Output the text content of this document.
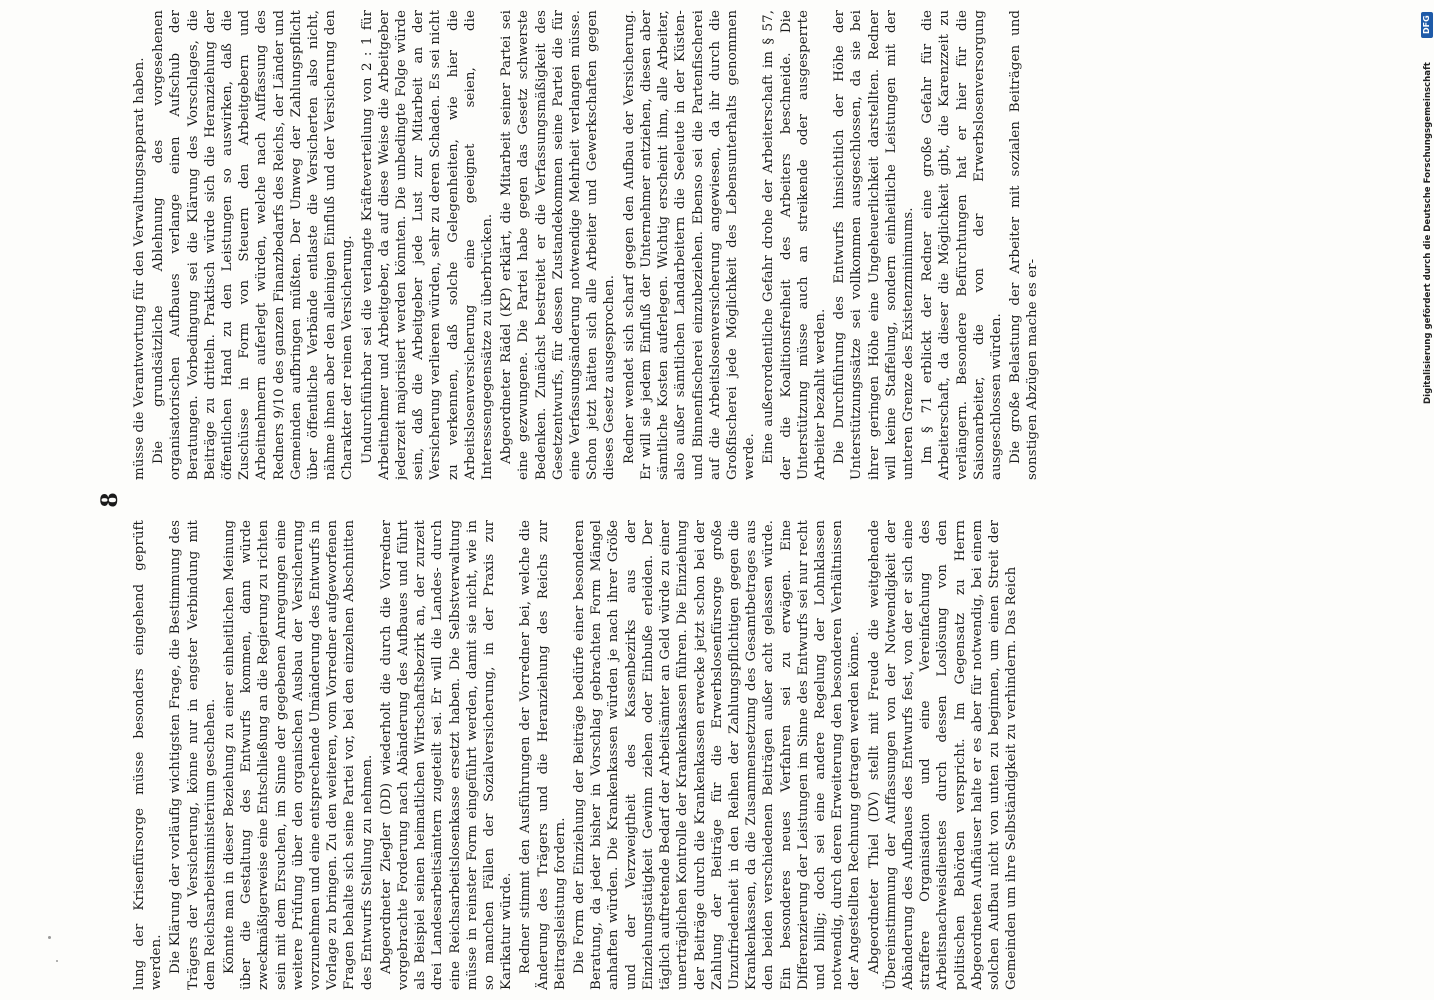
8

lung der Krisenfürsorge müsse besonders eingehend geprüft werden. Die Klärung der vorläufig wichtigsten Frage, die Bestimmung des Trägers der Versicherung, könne nur in engster Verbindung mit dem Reichsarbeitsministerium geschehen. Könnte man in dieser Beziehung zu einer einheitlichen Meinung über die Gestaltung des Entwurfs kommen, dann würde zweckmäßigerweise eine Entschließung an die Regierung zu richten sein mit dem Ersuchen, im Sinne der gegebenen Anregungen eine weitere Prüfung über den organischen Ausbau der Versicherung vorzunehmen und eine entsprechende Umänderung des Entwurfs in Vorlage zu bringen. Zu den weiteren, vom Vorredner aufgeworfenen Fragen behalte sich seine Partei vor, bei den einzelnen Abschnitten des Entwurfs Stellung zu nehmen. Abgeordneter Ziegler (DD) wiederholt die durch die Vorredner vorgebrachte Forderung nach Abänderung des Aufbaues und führt als Beispiel seinen heimatlichen Wirtschaftsbezirk an, der zurzeit drei Landesarbeitsämtern zugeteilt sei. Er will die Landes- durch eine Reichsarbeitslosenkasse ersetzt haben. Die Selbstverwaltung müsse in reinster Form eingeführt werden, damit sie nicht, wie in so manchen Fällen der Sozialversicherung, in der Praxis zur Karikatur würde. Redner stimmt den Ausführungen der Vorredner bei, welche die Änderung des Trägers und die Heranziehung des Reichs zur Beitragsleistung fordern. Die Form der Einziehung der Beiträge bedürfe einer besonderen Beratung, da jeder bisher in Vorschlag gebrachten Form Mängel anhaften würden. Die Krankenkassen würden je nach ihrer Größe und der Verzweigtheit des Kassenbezirks aus der Einziehungstätigkeit Gewinn ziehen oder Einbuße erleiden. Der täglich auftretende Bedarf der Arbeitsämter an Geld würde zu einer unerträglichen Kontrolle der Krankenkassen führen. Die Einziehung der Beiträge durch die Krankenkassen erwecke jetzt schon bei der Zahlung der Beiträge für die Erwerbslosenfürsorge große Unzufriedenheit in den Reihen der Zahlungspflichtigen gegen die Krankenkassen, da die Zusammensetzung des Gesamtbetrages aus den beiden verschiedenen Beiträgen außer acht gelassen würde. Ein besonderes neues Verfahren sei zu erwägen. Eine Differenzierung der Leistungen im Sinne des Entwurfs sei nur recht und billig; doch sei eine andere Regelung der Lohnklassen notwendig, durch deren Erweiterung den besonderen Verhältnissen der Angestellten Rechnung getragen werden könne. Abgeordneter Thiel (DV) stellt mit Freude die weitgehende Übereinstimmung der Auffassungen von der Notwendigkeit der Abänderung des Aufbaues des Entwurfs fest, von der er sich eine straffere Organisation und eine Vereinfachung des Arbeitsnachweisdienstes durch dessen Loslösung von den politischen Behörden verspricht. Im Gegensatz zu Herrn Abgeordneten Aufhäuser halte er es aber für notwendig, bei einem solchen Aufbau nicht von unten zu beginnen, um einen Streit der Gemeinden um ihre Selbständigkeit zu verhindern. Das Reich

müsse die Verantwortung für den Verwaltungsapparat haben. Die grundsätzliche Ablehnung des vorgesehenen organisatorischen Aufbaues verlange einen Aufschub der Beratungen. Vorbedingung sei die Klärung des Vorschlages, die Beiträge zu dritteln. Praktisch würde sich die Heranziehung der öffentlichen Hand zu den Leistungen so auswirken, daß die Zuschüsse in Form von Steuern den Arbeitgebern und Arbeitnehmern auferlegt würden, welche nach Auffassung des Redners 9/10 des ganzen Finanzbedarfs des Reichs, der Länder und Gemeinden aufbringen müßten. Der Umweg der Zahlungspflicht über öffentliche Verbände entlaste die Versicherten also nicht, nähme ihnen aber den alleinigen Einfluß und der Versicherung den Charakter der reinen Versicherung. Undurchführbar sei die verlangte Kräfteverteilung von 2 : 1 für Arbeitnehmer und Arbeitgeber, da auf diese Weise die Arbeitgeber jederzeit majorisiert werden könnten. Die unbedingte Folge würde sein, daß die Arbeitgeber jede Lust zur Mitarbeit an der Versicherung verlieren würden, sehr zu deren Schaden. Es sei nicht zu verkennen, daß solche Gelegenheiten, wie hier die Arbeitslosenversicherung eine geeignet seien, die Interessengegensätze zu überbrücken. Abgeordneter Rädel (KP) erklärt, die Mitarbeit seiner Partei sei eine gezwungene. Die Partei habe gegen das Gesetz schwerste Bedenken. Zunächst bestreitet er die Verfassungsmäßigkeit des Gesetzentwurfs, für dessen Zustandekommen seine Partei die für eine Verfassungsänderung notwendige Mehrheit verlangen müsse. Schon jetzt hätten sich alle Arbeiter und Gewerkschaften gegen dieses Gesetz ausgesprochen. Redner wendet sich scharf gegen den Aufbau der Versicherung. Er will sie jedem Einfluß der Unternehmer entziehen, diesen aber sämtliche Kosten auferlegen. Wichtig erscheint ihm, alle Arbeiter, also außer sämtlichen Landarbeitern die Seeleute in der Küsten- und Binnenfischerei einzubeziehen. Ebenso sei die Partenfischerei auf die Arbeitslosenversicherung angewiesen, da ihr durch die Großfischerei jede Möglichkeit des Lebensunterhalts genommen werde. Eine außerordentliche Gefahr drohe der Arbeiterschaft im § 57, der die Koalitionsfreiheit des Arbeiters beschneide. Die Unterstützung müsse auch an streikende oder ausgesperrte Arbeiter bezahlt werden. Die Durchführung des Entwurfs hinsichtlich der Höhe der Unterstützungssätze sei vollkommen ausgeschlossen, da sie bei ihrer geringen Höhe eine Ungeheuerlichkeit darstellten. Redner will keine Staffelung, sondern einheitliche Leistungen mit der unteren Grenze des Existenzminimums. Im § 71 erblickt der Redner eine große Gefahr für die Arbeiterschaft, da dieser die Möglichkeit gibt, die Karenzzeit zu verlängern. Besondere Befürchtungen hat er hier für die Saisonarbeiter, die von der Erwerbslosenversorgung ausgeschlossen würden. Die große Belastung der Arbeiter mit sozialen Beiträgen und sonstigen Abzügen mache es er-

DFG
Digitalisierung gefördert durch die Deutsche Forschungsgemeinschaft
